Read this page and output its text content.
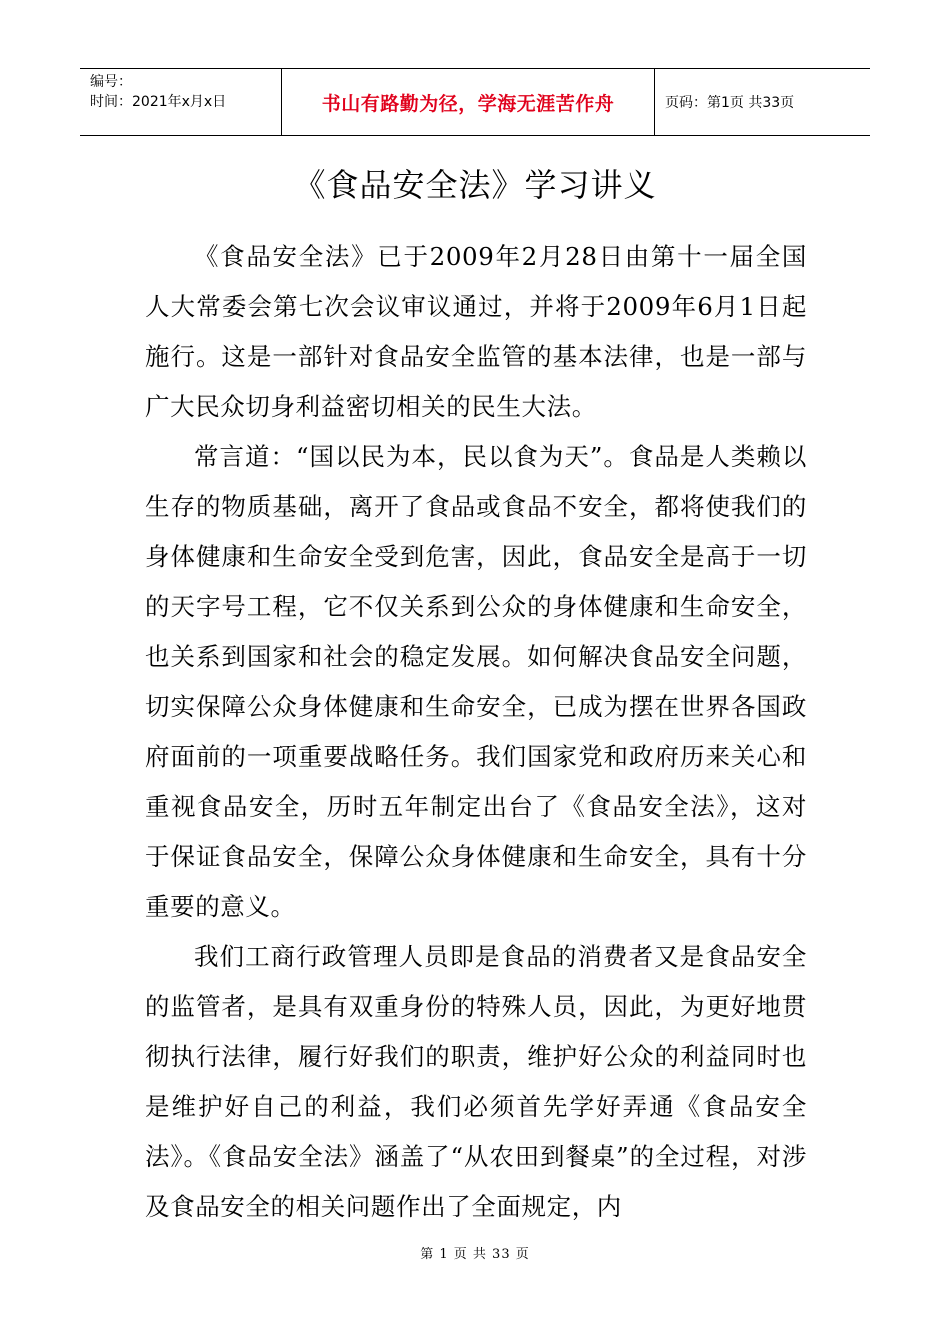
编号：
时间：2021年x月x日	书山有路勤为径，学海无涯苦作舟	页码：第1页 共33页
《食品安全法》学习讲义

《食品安全法》已于2009年2月28日由第十一届全国人大常委会第七次会议审议通过，并将于2009年6月1日起施行。这是一部针对食品安全监管的基本法律，也是一部与广大民众切身利益密切相关的民生大法。

常言道：“国以民为本，民以食为天”。食品是人类赖以生存的物质基础，离开了食品或食品不安全，都将使我们的身体健康和生命安全受到危害，因此，食品安全是高于一切的天字号工程，它不仅关系到公众的身体健康和生命安全，也关系到国家和社会的稳定发展。如何解决食品安全问题，切实保障公众身体健康和生命安全，已成为摆在世界各国政府面前的一项重要战略任务。我们国家党和政府历来关心和重视食品安全，历时五年制定出台了《食品安全法》，这对于保证食品安全，保障公众身体健康和生命安全，具有十分重要的意义。

我们工商行政管理人员即是食品的消费者又是食品安全的监管者，是具有双重身份的特殊人员，因此，为更好地贯彻执行法律，履行好我们的职责，维护好公众的利益同时也是维护好自己的利益，我们必须首先学好弄通《食品安全法》。《食品安全法》涵盖了“从农田到餐桌”的全过程，对涉及食品安全的相关问题作出了全面规定，内

第 1 页 共 33 页
